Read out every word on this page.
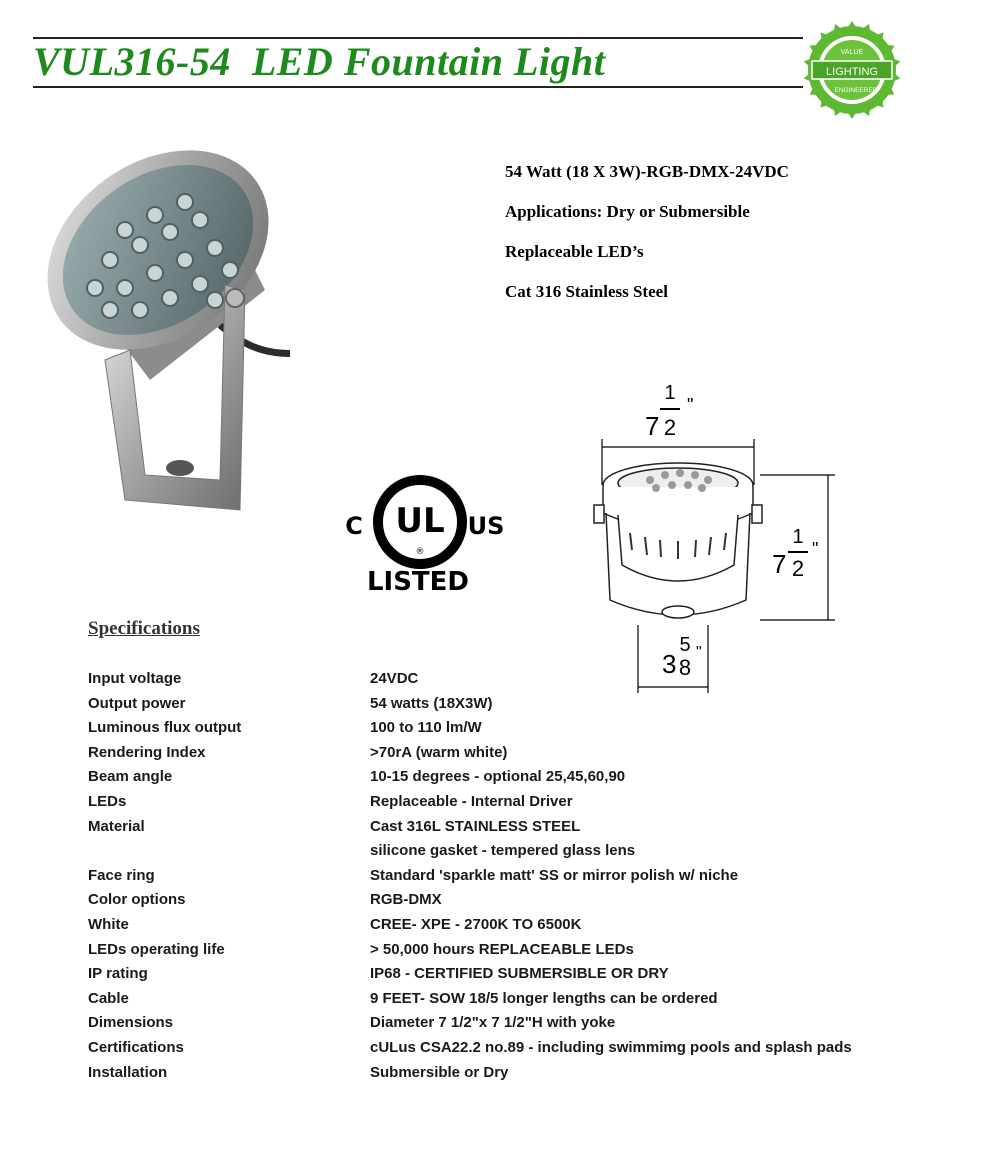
VUL316-54  LED Fountain Light	LIGHTING
VALUE
ENGINEERED
54 Watt (18 X 3W)-RGB-DMX-24VDC
Applications: Dry or Submersible
Replaceable LED’s
Cat 316 Stainless Steel
UL
®
C	US
LISTED
7
1
2
"
7
1
2
"
3
5
8
"
Specifications
Input voltage	24VDC
Output power	54 watts (18X3W)
Luminous flux output	100 to 110 lm/W
Rendering Index	>70rA (warm white)
Beam angle	10-15 degrees - optional 25,45,60,90
LEDs	Replaceable - Internal Driver
Material	Cast 316L STAINLESS STEEL
silicone gasket - tempered glass lens
Face ring	Standard 'sparkle matt' SS or mirror polish w/ niche
Color options	RGB-DMX
White	CREE- XPE - 2700K TO 6500K
LEDs operating life	> 50,000 hours REPLACEABLE LEDs
IP rating	IP68 - CERTIFIED SUBMERSIBLE OR DRY
Cable	9 FEET- SOW 18/5 longer lengths can be ordered
Dimensions	Diameter 7 1/2"x 7 1/2"H with yoke
Certifications	cULus CSA22.2 no.89 - including swimmimg pools and splash pads
Installation	Submersible or Dry
